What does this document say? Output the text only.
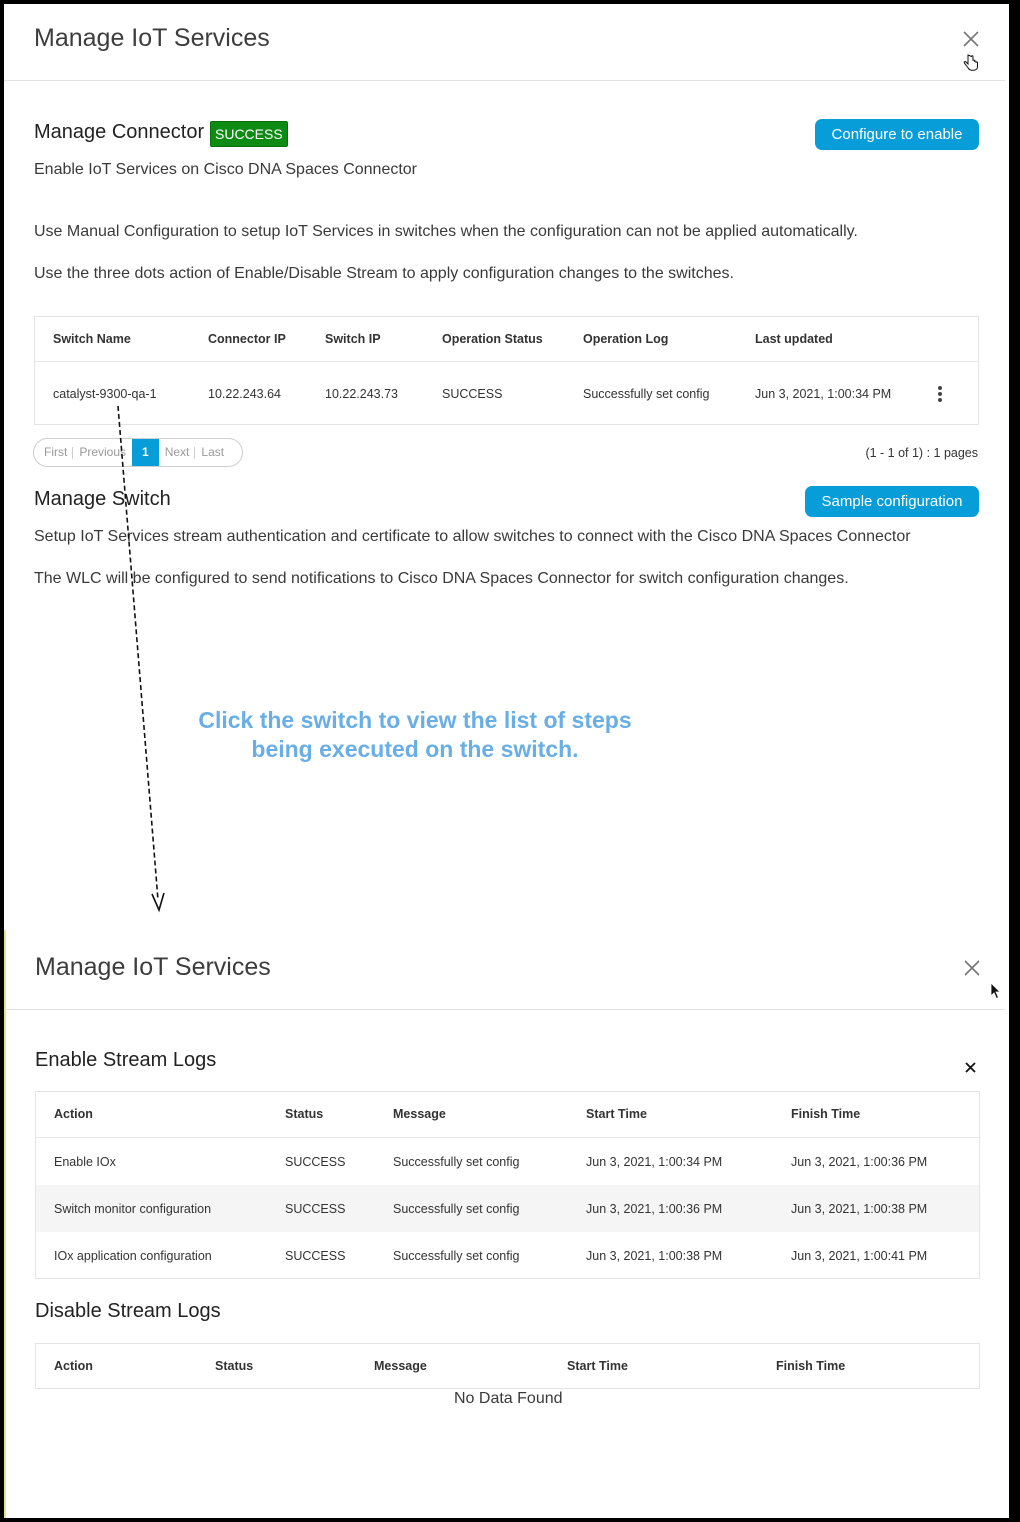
Manage IoT Services
Manage Connector SUCCESS	Configure to enable
Enable IoT Services on Cisco DNA Spaces Connector
Use Manual Configuration to setup IoT Services in switches when the configuration can not be applied automatically.
Use the three dots action of Enable/Disable Stream to apply configuration changes to the switches.
Switch Name	Connector IP	Switch IP	Operation Status	Operation Log	Last updated
catalyst-9300-qa-1	10.22.243.64	10.22.243.73	SUCCESS	Successfully set config	Jun 3, 2021, 1:00:34 PM
First	Previous	1	Next	Last	(1 - 1 of 1) : 1 pages
Manage Switch	Sample configuration
Setup IoT Services stream authentication and certificate to allow switches to connect with the Cisco DNA Spaces Connector
The WLC will be configured to send notifications to Cisco DNA Spaces Connector for switch configuration changes.
Click the switch to view the list of steps
being executed on the switch.
Manage IoT Services
Enable Stream Logs
Action	Status	Message	Start Time	Finish Time
Enable IOx	SUCCESS	Successfully set config	Jun 3, 2021, 1:00:34 PM	Jun 3, 2021, 1:00:36 PM
Switch monitor configuration	SUCCESS	Successfully set config	Jun 3, 2021, 1:00:36 PM	Jun 3, 2021, 1:00:38 PM
IOx application configuration	SUCCESS	Successfully set config	Jun 3, 2021, 1:00:38 PM	Jun 3, 2021, 1:00:41 PM
Disable Stream Logs
Action	Status	Message	Start Time	Finish Time
No Data Found
